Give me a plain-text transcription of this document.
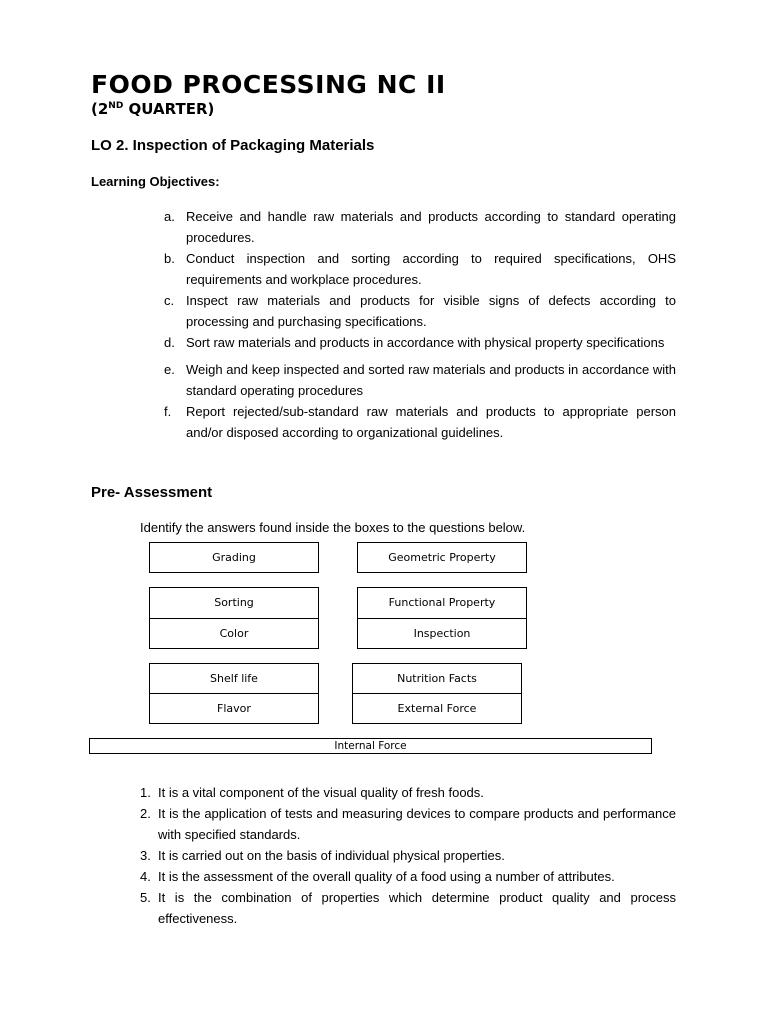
FOOD PROCESSING NC II
(2ND QUARTER)
LO 2. Inspection of Packaging Materials
Learning Objectives:
a. Receive and handle raw materials and products according to standard operating procedures.
b. Conduct inspection and sorting according to required specifications, OHS requirements and workplace procedures.
c. Inspect raw materials and products for visible signs of defects according to processing and purchasing specifications.
d. Sort raw materials and products in accordance with physical property specifications
e. Weigh and keep inspected and sorted raw materials and products in accordance with standard operating procedures
f. Report rejected/sub-standard raw materials and products to appropriate person and/or disposed according to organizational guidelines.
Pre- Assessment
Identify the answers found inside the boxes to the questions below.
Grading	Geometric Property
Sorting	Functional Property
Color	Inspection
Shelf life	Nutrition Facts
Flavor	External Force
Internal Force
1. It is a vital component of the visual quality of fresh foods.
2. It is the application of tests and measuring devices to compare products and performance with specified standards.
3. It is carried out on the basis of individual physical properties.
4. It is the assessment of the overall quality of a food using a number of attributes.
5. It is the combination of properties which determine product quality and process effectiveness.
